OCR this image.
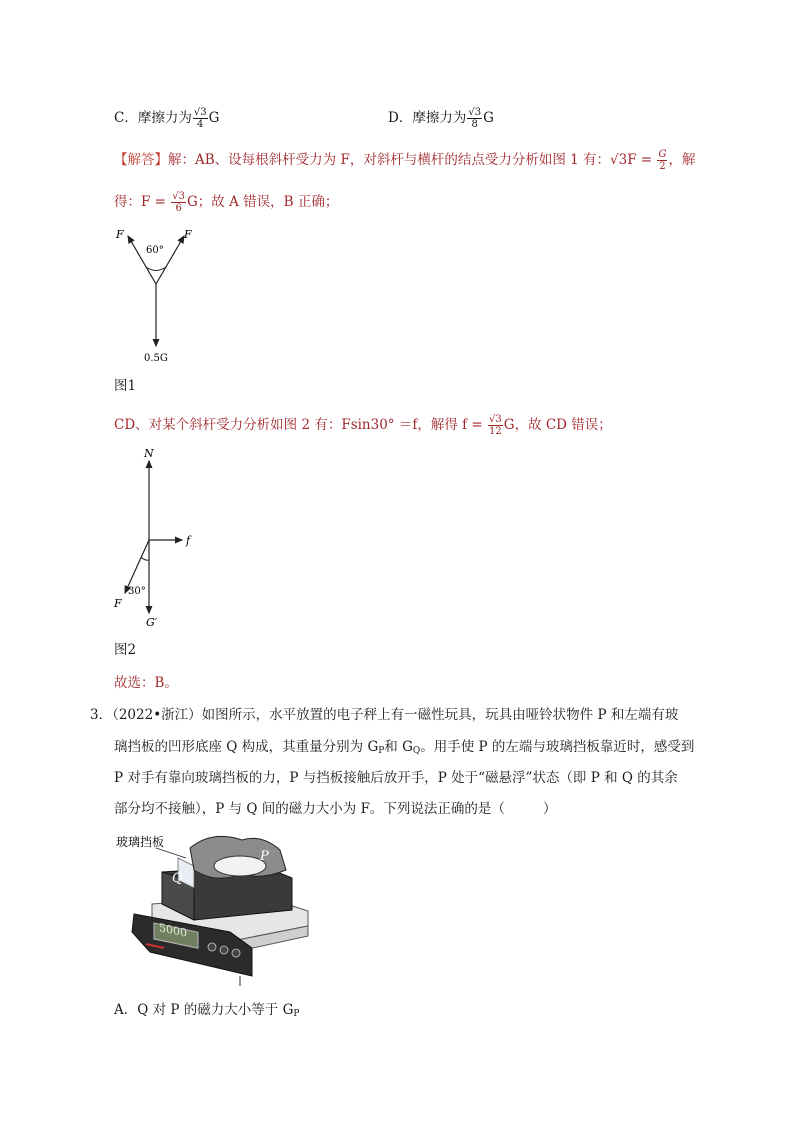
C．摩擦力为 $\frac{√3}{4}$ G	D．摩擦力为 $\frac{√3}{8}$ G
【解答】解：AB、设每根斜杆受力为 F，对斜杆与横杆的结点受力分析如图 1 有：$√3F = \frac{G}{2}$ ，解
得：$F = \frac{√3}{6}$ G；故 A 错误，B 正确；
F	F
60°
0.5G
图1
CD、对某个斜杆受力分析如图 2 有：Fsin30° ＝f，解得 $f = \frac{√3}{12}$ G，故 CD 错误；
N
f
30°
F
G′
图2
故选：B。
3．（2022•浙江）如图所示，水平放置的电子秤上有一磁性玩具，玩具由哑铃状物件 P 和左端有玻
璃挡板的凹形底座 Q 构成，其重量分别为 $G_P$和 $G_Q$。用手使 P 的左端与玻璃挡板靠近时，感受到
P 对手有靠向玻璃挡板的力，P 与挡板接触后放开手，P 处于“磁悬浮”状态（即 P 和 Q 的其余
部分均不接触），P 与 Q 间的磁力大小为 F。下列说法正确的是（	）
5000
玻璃挡板
P
Q
A．Q 对 P 的磁力大小等于 $G_P$
